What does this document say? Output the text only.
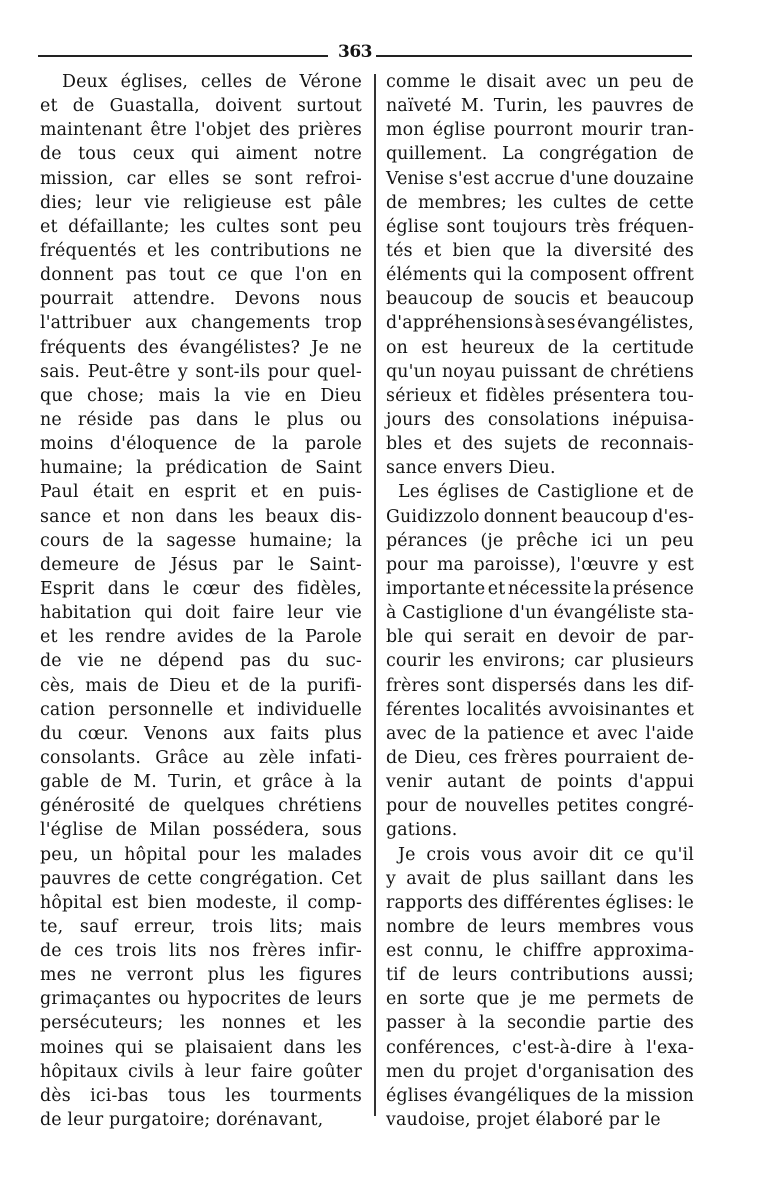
363
Deux églises, celles de Vérone
et de Guastalla, doivent surtout
maintenant être l'objet des prières
de tous ceux qui aiment notre
mission, car elles se sont refroi-
dies; leur vie religieuse est pâle
et défaillante; les cultes sont peu
fréquentés et les contributions ne
donnent pas tout ce que l'on en
pourrait attendre. Devons nous
l'attribuer aux changements trop
fréquents des évangélistes? Je ne
sais. Peut-être y sont-ils pour quel-
que chose; mais la vie en Dieu
ne réside pas dans le plus ou
moins d'éloquence de la parole
humaine; la prédication de Saint
Paul était en esprit et en puis-
sance et non dans les beaux dis-
cours de la sagesse humaine; la
demeure de Jésus par le Saint-
Esprit dans le cœur des fidèles,
habitation qui doit faire leur vie
et les rendre avides de la Parole
de vie ne dépend pas du suc-
cès, mais de Dieu et de la purifi-
cation personnelle et individuelle
du cœur. Venons aux faits plus
consolants. Grâce au zèle infati-
gable de M. Turin, et grâce à la
générosité de quelques chrétiens
l'église de Milan possédera, sous
peu, un hôpital pour les malades
pauvres de cette congrégation. Cet
hôpital est bien modeste, il comp-
te, sauf erreur, trois lits; mais
de ces trois lits nos frères infir-
mes ne verront plus les figures
grimaçantes ou hypocrites de leurs
persécuteurs; les nonnes et les
moines qui se plaisaient dans les
hôpitaux civils à leur faire goûter
dès ici-bas tous les tourments
de leur purgatoire; dorénavant,
comme le disait avec un peu de
naïveté M. Turin, les pauvres de
mon église pourront mourir tran-
quillement. La congrégation de
Venise s'est accrue d'une douzaine
de membres; les cultes de cette
église sont toujours très fréquen-
tés et bien que la diversité des
éléments qui la composent offrent
beaucoup de soucis et beaucoup
d'appréhensions à ses évangélistes,
on est heureux de la certitude
qu'un noyau puissant de chrétiens
sérieux et fidèles présentera tou-
jours des consolations inépuisa-
bles et des sujets de reconnais-
sance envers Dieu.
Les églises de Castiglione et de
Guidizzolo donnent beaucoup d'es-
pérances (je prêche ici un peu
pour ma paroisse), l'œuvre y est
importante et nécessite la présence
à Castiglione d'un évangéliste sta-
ble qui serait en devoir de par-
courir les environs; car plusieurs
frères sont dispersés dans les dif-
férentes localités avvoisinantes et
avec de la patience et avec l'aide
de Dieu, ces frères pourraient de-
venir autant de points d'appui
pour de nouvelles petites congré-
gations.
Je crois vous avoir dit ce qu'il
y avait de plus saillant dans les
rapports des différentes églises: le
nombre de leurs membres vous
est connu, le chiffre approxima-
tif de leurs contributions aussi;
en sorte que je me permets de
passer à la secondie partie des
conférences, c'est-à-dire à l'exa-
men du projet d'organisation des
églises évangéliques de la mission
vaudoise, projet élaboré par le
